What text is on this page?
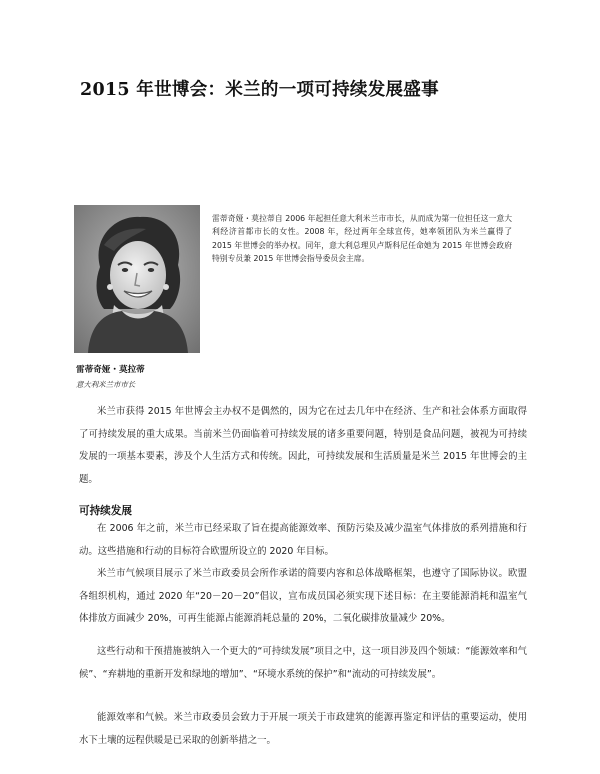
2015 年世博会：米兰的一项可持续发展盛事

雷蒂奇娅・莫拉蒂自 2006 年起担任意大利米兰市市长，从而成为第一位担任这一意大利经济首都市长的女性。2008 年，经过两年全球宣传，她率领团队为米兰赢得了 2015 年世博会的举办权。同年，意大利总理贝卢斯科尼任命她为 2015 年世博会政府特别专员兼 2015 年世博会指导委员会主席。

雷蒂奇娅・莫拉蒂

意大利米兰市市长

米兰市获得 2015 年世博会主办权不是偶然的，因为它在过去几年中在经济、生产和社会体系方面取得了可持续发展的重大成果。当前米兰仍面临着可持续发展的诸多重要问题，特别是食品问题，被视为可持续发展的一项基本要素，涉及个人生活方式和传统。因此，可持续发展和生活质量是米兰 2015 年世博会的主题。

可持续发展

在 2006 年之前，米兰市已经采取了旨在提高能源效率、预防污染及减少温室气体排放的系列措施和行动。这些措施和行动的目标符合欧盟所设立的 2020 年目标。

米兰市气候项目展示了米兰市政委员会所作承诺的简要内容和总体战略框架，也遵守了国际协议。欧盟各组织机构，通过 2020 年“20－20－20”倡议，宣布成员国必须实现下述目标：在主要能源消耗和温室气体排放方面减少 20%，可再生能源占能源消耗总量的 20%，二氧化碳排放量减少 20%。

这些行动和干预措施被纳入一个更大的“可持续发展”项目之中，这一项目涉及四个领域：“能源效率和气候”、“弃耕地的重新开发和绿地的增加”、“环境水系统的保护”和“流动的可持续发展”。

能源效率和气候。米兰市政委员会致力于开展一项关于市政建筑的能源再鉴定和评估的重要运动，使用水下土壤的远程供暖是已采取的创新举措之一。
